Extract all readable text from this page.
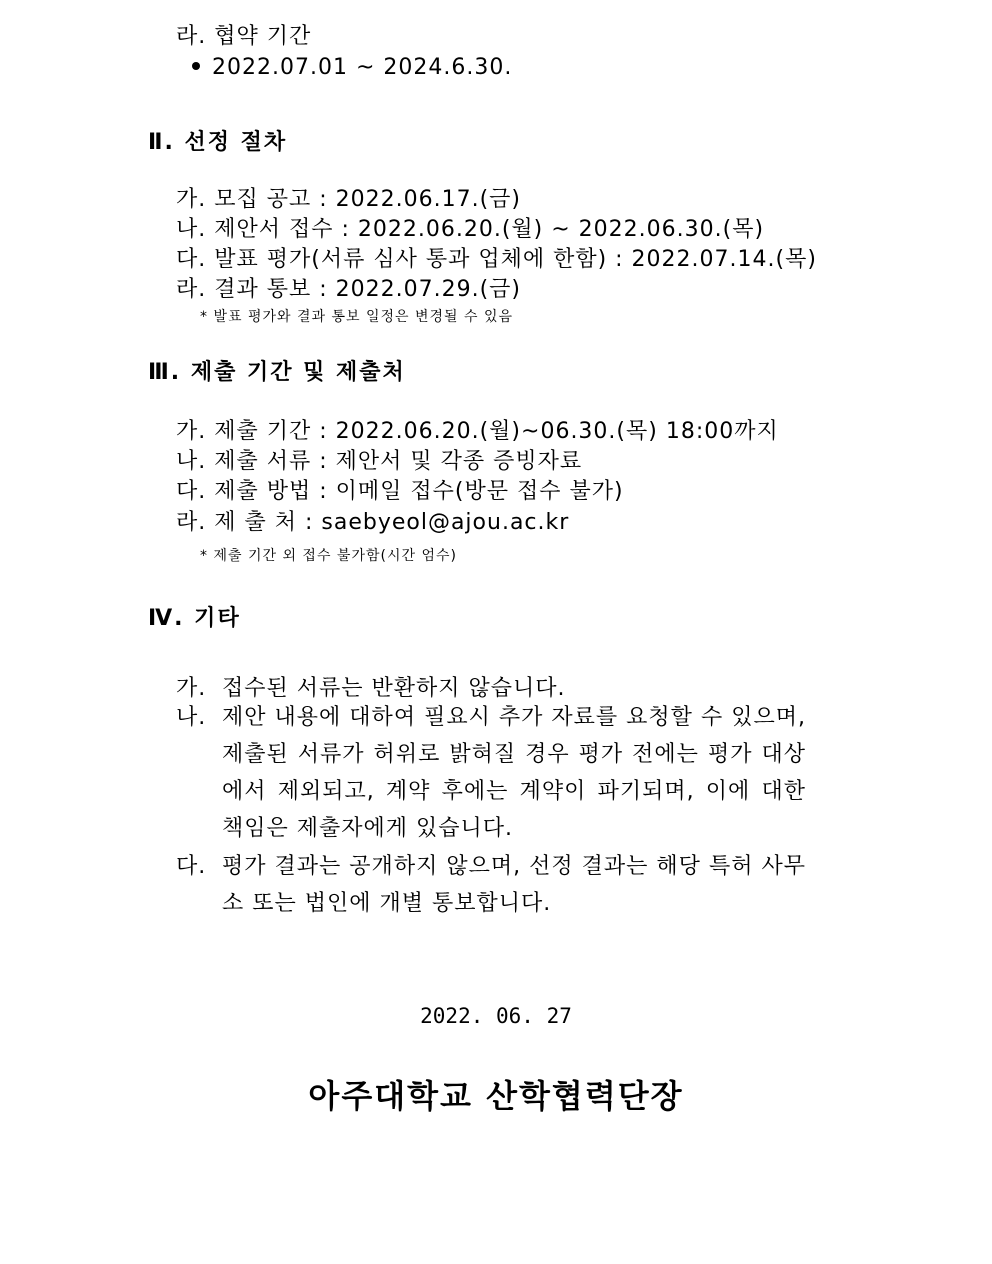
라. 협약 기간
2022.07.01 ~ 2024.6.30.
Ⅱ. 선정 절차
가. 모집 공고 : 2022.06.17.(금)
나. 제안서 접수 : 2022.06.20.(월) ~ 2022.06.30.(목)
다. 발표 평가(서류 심사 통과 업체에 한함) : 2022.07.14.(목)
라. 결과 통보 : 2022.07.29.(금)
* 발표 평가와 결과 통보 일정은 변경될 수 있음
Ⅲ. 제출 기간 및 제출처
가. 제출 기간 : 2022.06.20.(월)~06.30.(목) 18:00까지
나. 제출 서류 : 제안서 및 각종 증빙자료
다. 제출 방법 : 이메일 접수(방문 접수 불가)
라. 제 출 처 : saebyeol@ajou.ac.kr
* 제출 기간 외 접수 불가함(시간 엄수)
Ⅳ. 기타
가. 접수된 서류는 반환하지 않습니다.
나. 제안 내용에 대하여 필요시 추가 자료를 요청할 수 있으며, 제출된 서류가 허위로 밝혀질 경우 평가 전에는 평가 대상에서 제외되고, 계약 후에는 계약이 파기되며, 이에 대한 책임은 제출자에게 있습니다.
다. 평가 결과는 공개하지 않으며, 선정 결과는 해당 특허 사무소 또는 법인에 개별 통보합니다.
2022. 06. 27
아주대학교 산학협력단장
